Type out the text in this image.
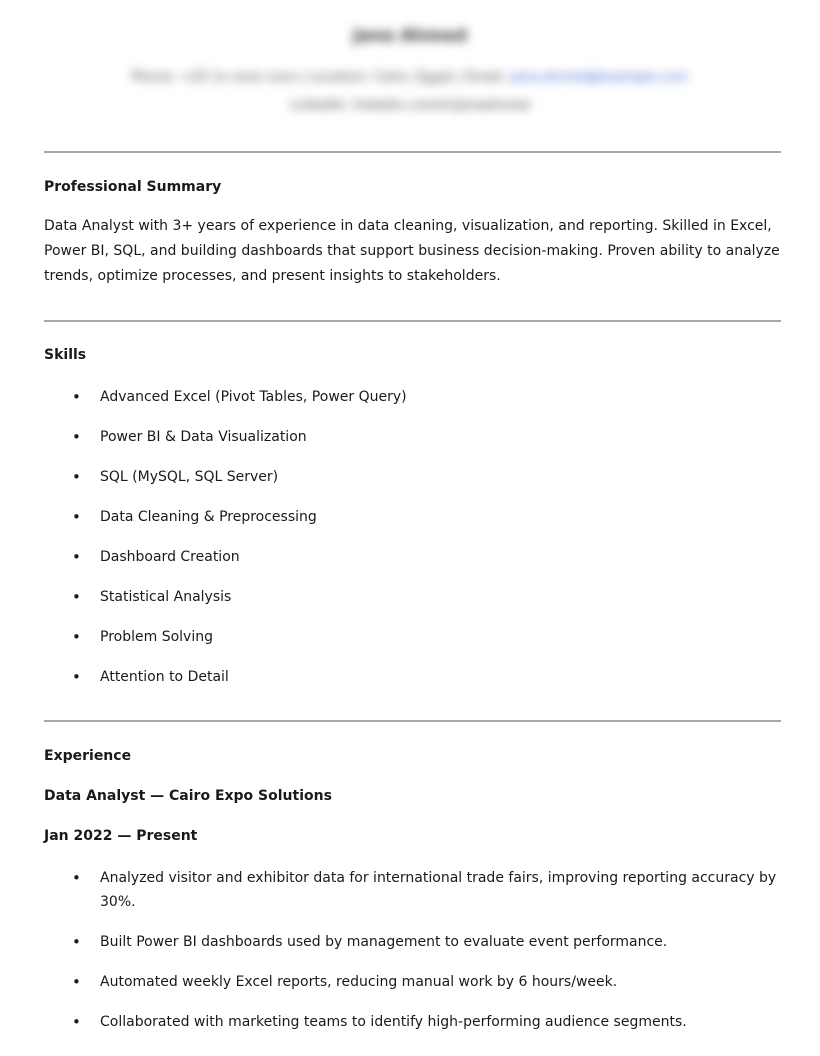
Jana Ahmed
Phone: +20 1x xxxx xxxx | Location: Cairo, Egypt | Email: jana.ahmed@example.com
LinkedIn: linkedin.com/in/janaahmed
Professional Summary

Data Analyst with 3+ years of experience in data cleaning, visualization, and reporting. Skilled in Excel, Power BI, SQL, and building dashboards that support business decision-making. Proven ability to analyze trends, optimize processes, and present insights to stakeholders.

Skills
• Advanced Excel (Pivot Tables, Power Query)
• Power BI & Data Visualization
• SQL (MySQL, SQL Server)
• Data Cleaning & Preprocessing
• Dashboard Creation
• Statistical Analysis
• Problem Solving
• Attention to Detail
Experience
Data Analyst — Cairo Expo Solutions
Jan 2022 — Present
• Analyzed visitor and exhibitor data for international trade fairs, improving reporting accuracy by 30%.
• Built Power BI dashboards used by management to evaluate event performance.
• Automated weekly Excel reports, reducing manual work by 6 hours/week.
• Collaborated with marketing teams to identify high-performing audience segments.
